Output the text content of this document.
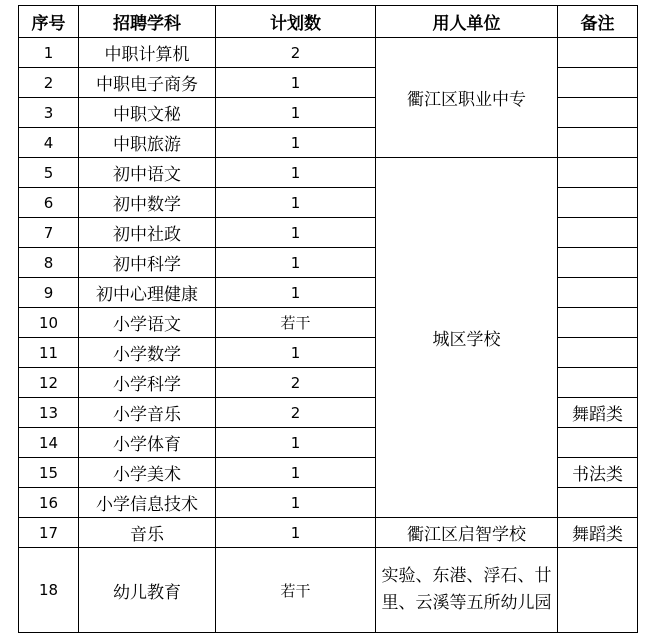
序号	招聘学科	计划数	用人单位	备注
1	中职计算机	2	衢江区职业中专	
2	中职电子商务	1		
3	中职文秘	1		
4	中职旅游	1		
5	初中语文	1	城区学校	
6	初中数学	1		
7	初中社政	1		
8	初中科学	1		
9	初中心理健康	1		
10	小学语文	若干		
11	小学数学	1		
12	小学科学	2		
13	小学音乐	2		舞蹈类
14	小学体育	1		
15	小学美术	1		书法类
16	小学信息技术	1		
17	音乐	1	衢江区启智学校	舞蹈类
18	幼儿教育	若干	实验、东港、浮石、廿里、云溪等五所幼儿园	
